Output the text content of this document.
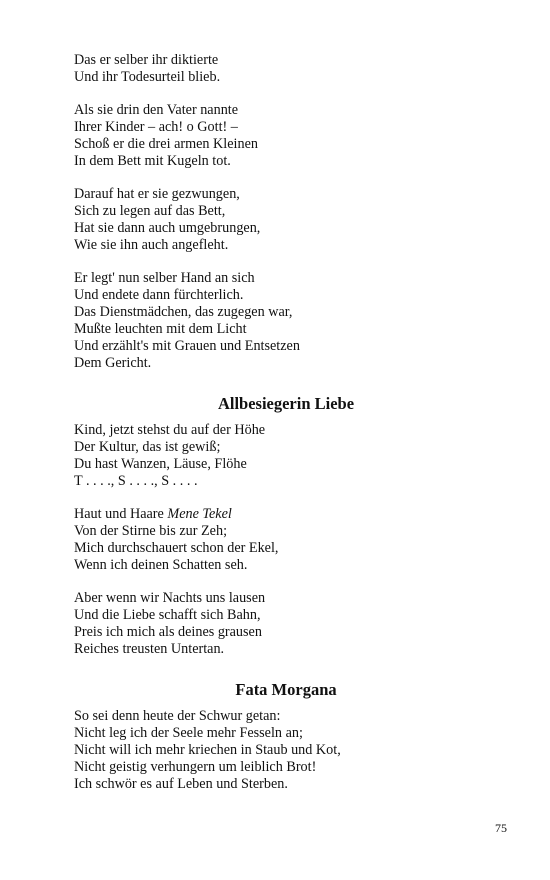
Das er selber ihr diktierte
Und ihr Todesurteil blieb.
Als sie drin den Vater nannte
Ihrer Kinder – ach! o Gott! –
Schoß er die drei armen Kleinen
In dem Bett mit Kugeln tot.
Darauf hat er sie gezwungen,
Sich zu legen auf das Bett,
Hat sie dann auch umgebrungen,
Wie sie ihn auch angefleht.
Er legt' nun selber Hand an sich
Und endete dann fürchterlich.
Das Dienstmädchen, das zugegen war,
Mußte leuchten mit dem Licht
Und erzählt's mit Grauen und Entsetzen
Dem Gericht.
Allbesiegerin Liebe
Kind, jetzt stehst du auf der Höhe
Der Kultur, das ist gewiß;
Du hast Wanzen, Läuse, Flöhe
T . . . ., S . . . ., S . . . .
Haut und Haare Mene Tekel
Von der Stirne bis zur Zeh;
Mich durchschauert schon der Ekel,
Wenn ich deinen Schatten seh.
Aber wenn wir Nachts uns lausen
Und die Liebe schafft sich Bahn,
Preis ich mich als deines grausen
Reiches treusten Untertan.
Fata Morgana
So sei denn heute der Schwur getan:
Nicht leg ich der Seele mehr Fesseln an;
Nicht will ich mehr kriechen in Staub und Kot,
Nicht geistig verhungern um leiblich Brot!
Ich schwör es auf Leben und Sterben.
75
